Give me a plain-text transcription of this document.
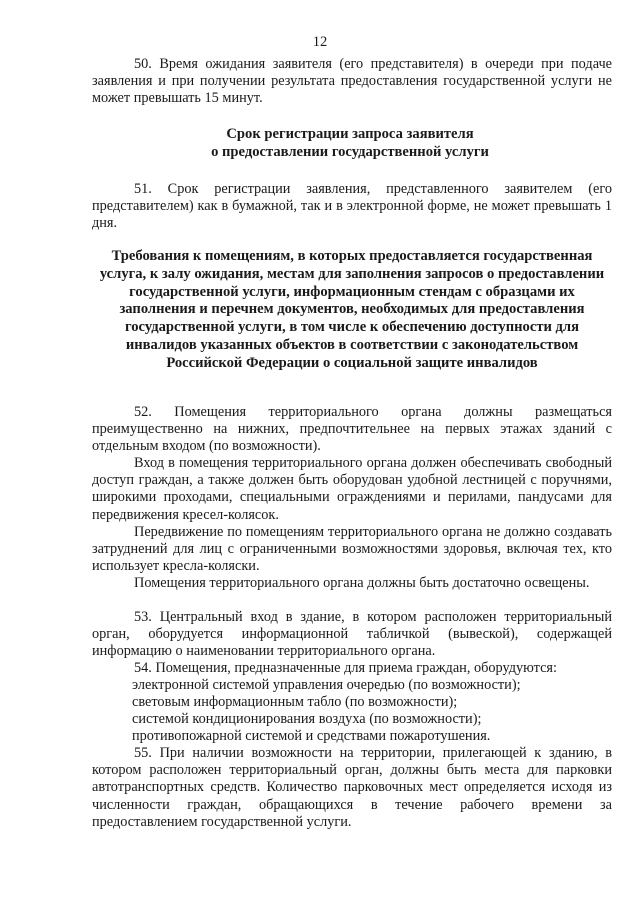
12

50. Время ожидания заявителя (его представителя) в очереди при подаче заявления и при получении результата предоставления государственной услуги не может превышать 15 минут.

Срок регистрации запроса заявителя
о предоставлении государственной услуги

51. Срок регистрации заявления, представленного заявителем (его представителем) как в бумажной, так и в электронной форме, не может превышать 1 дня.

Требования к помещениям, в которых предоставляется государственная услуга, к залу ожидания, местам для заполнения запросов о предоставлении государственной услуги, информационным стендам с образцами их заполнения и перечнем документов, необходимых для предоставления государственной услуги, в том числе к обеспечению доступности для инвалидов указанных объектов в соответствии с законодательством Российской Федерации о социальной защите инвалидов

52. Помещения территориального органа должны размещаться преимущественно на нижних, предпочтительнее на первых этажах зданий с отдельным входом (по возможности).

Вход в помещения территориального органа должен обеспечивать свободный доступ граждан, а также должен быть оборудован удобной лестницей с поручнями, широкими проходами, специальными ограждениями и перилами, пандусами для передвижения кресел-колясок.

Передвижение по помещениям территориального органа не должно создавать затруднений для лиц с ограниченными возможностями здоровья, включая тех, кто использует кресла-коляски.

Помещения территориального органа должны быть достаточно освещены.

53. Центральный вход в здание, в котором расположен территориальный орган, оборудуется информационной табличкой (вывеской), содержащей информацию о наименовании территориального органа.

54. Помещения, предназначенные для приема граждан, оборудуются:

электронной системой управления очередью (по возможности);

световым информационным табло (по возможности);

системой кондиционирования воздуха (по возможности);

противопожарной системой и средствами пожаротушения.

55. При наличии возможности на территории, прилегающей к зданию, в котором расположен территориальный орган, должны быть места для парковки автотранспортных средств. Количество парковочных мест определяется исходя из численности граждан, обращающихся в течение рабочего времени за предоставлением государственной услуги.
